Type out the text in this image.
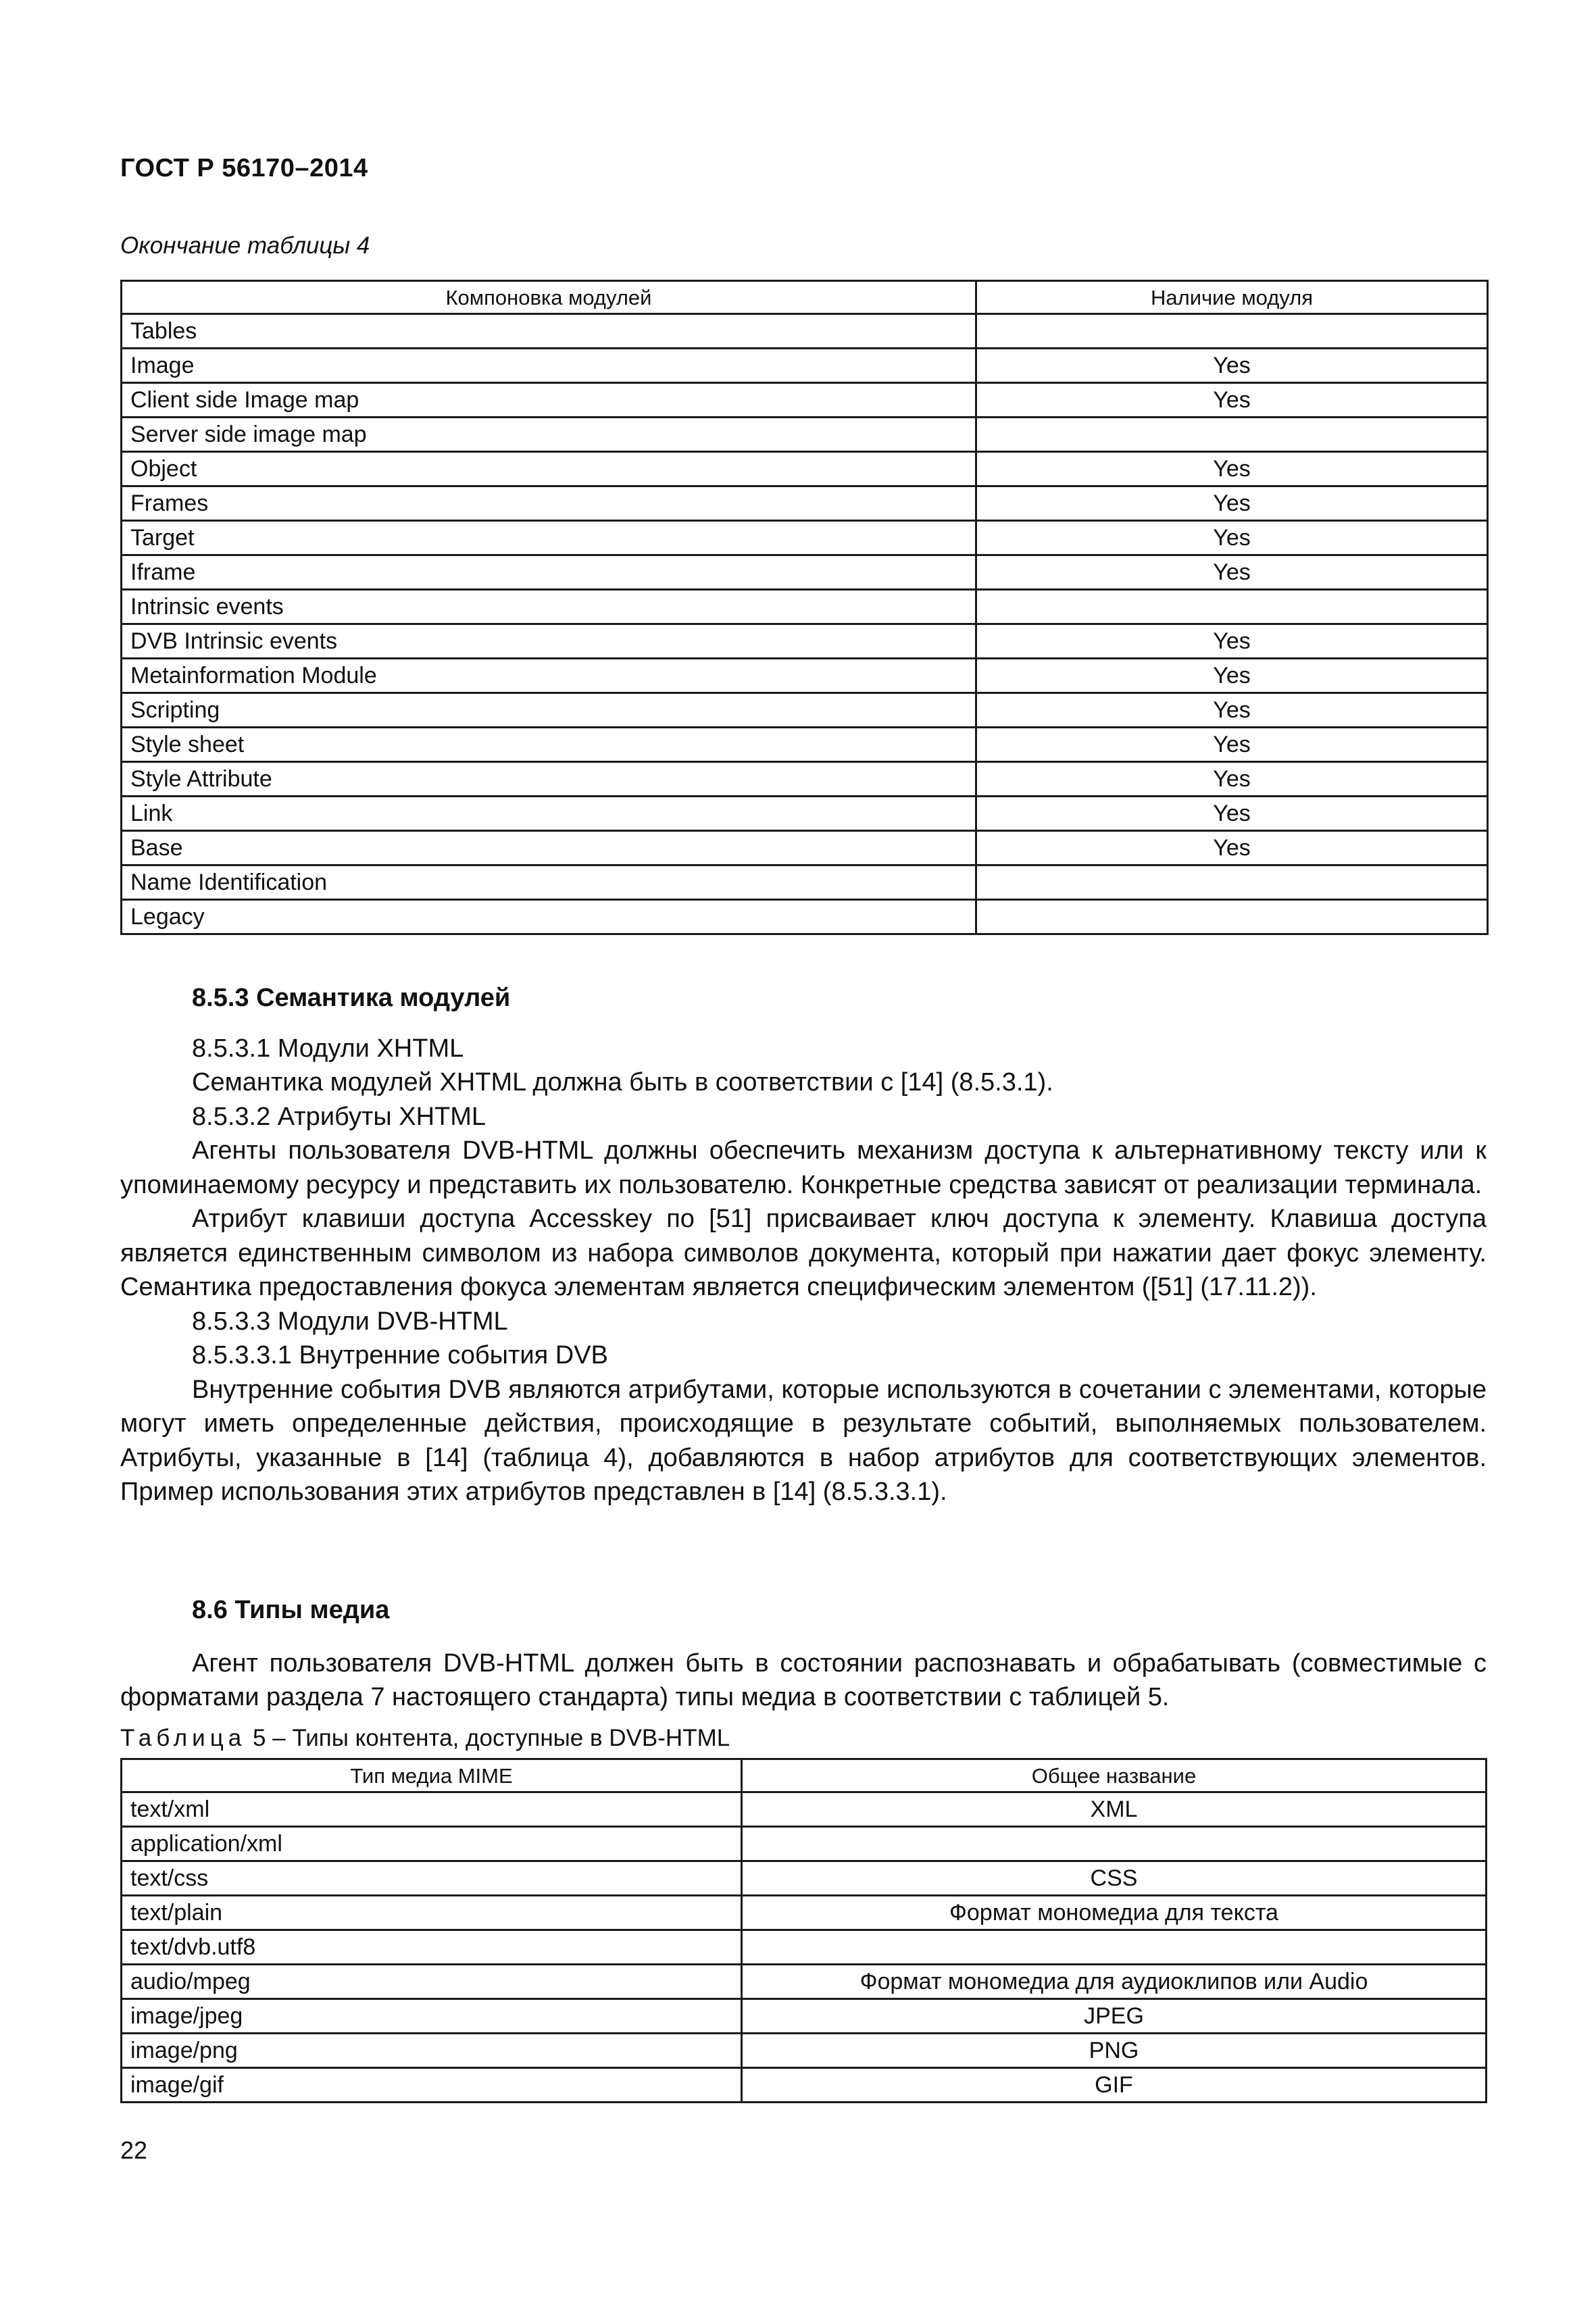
ГОСТ Р 56170–2014
Окончание таблицы 4
Компоновка модулей	Наличие модуля
Tables	
Image	Yes
Client side Image map	Yes
Server side image map	
Object	Yes
Frames	Yes
Target	Yes
Iframe	Yes
Intrinsic events	
DVB Intrinsic events	Yes
Metainformation Module	Yes
Scripting	Yes
Style sheet	Yes
Style Attribute	Yes
Link	Yes
Base	Yes
Name Identification	
Legacy	

8.5.3 Семантика модулей

8.5.3.1 Модули XHTML

Семантика модулей XHTML должна быть в соответствии с [14] (8.5.3.1).

8.5.3.2 Атрибуты XHTML

Агенты пользователя DVB-HTML должны обеспечить механизм доступа к альтернативному тексту или к упоминаемому ресурсу и представить их пользователю. Конкретные средства зависят от реализации терминала.

Атрибут клавиши доступа Accesskey по [51] присваивает ключ доступа к элементу. Клавиша доступа является единственным символом из набора символов документа, который при нажатии дает фокус элементу. Семантика предоставления фокуса элементам является специфическим элементом ([51] (17.11.2)).

8.5.3.3 Модули DVB-HTML

8.5.3.3.1 Внутренние события DVB

Внутренние события DVB являются атрибутами, которые используются в сочетании с элементами, которые могут иметь определенные действия, происходящие в результате событий, выполняемых пользователем. Атрибуты, указанные в [14] (таблица 4), добавляются в набор атрибутов для соответствующих элементов. Пример использования этих атрибутов представлен в [14] (8.5.3.3.1).

8.6 Типы медиа

Агент пользователя DVB-HTML должен быть в состоянии распознавать и обрабатывать (совместимые с форматами раздела 7 настоящего стандарта) типы медиа в соответствии с таблицей 5.

Таблица 5 – Типы контента, доступные в DVB-HTML
Тип медиа MIME	Общее название
text/xml	XML
application/xml	
text/css	CSS
text/plain	Формат мономедиа для текста
text/dvb.utf8	
audio/mpeg	Формат мономедиа для аудиоклипов или Audio
image/jpeg	JPEG
image/png	PNG
image/gif	GIF
22
